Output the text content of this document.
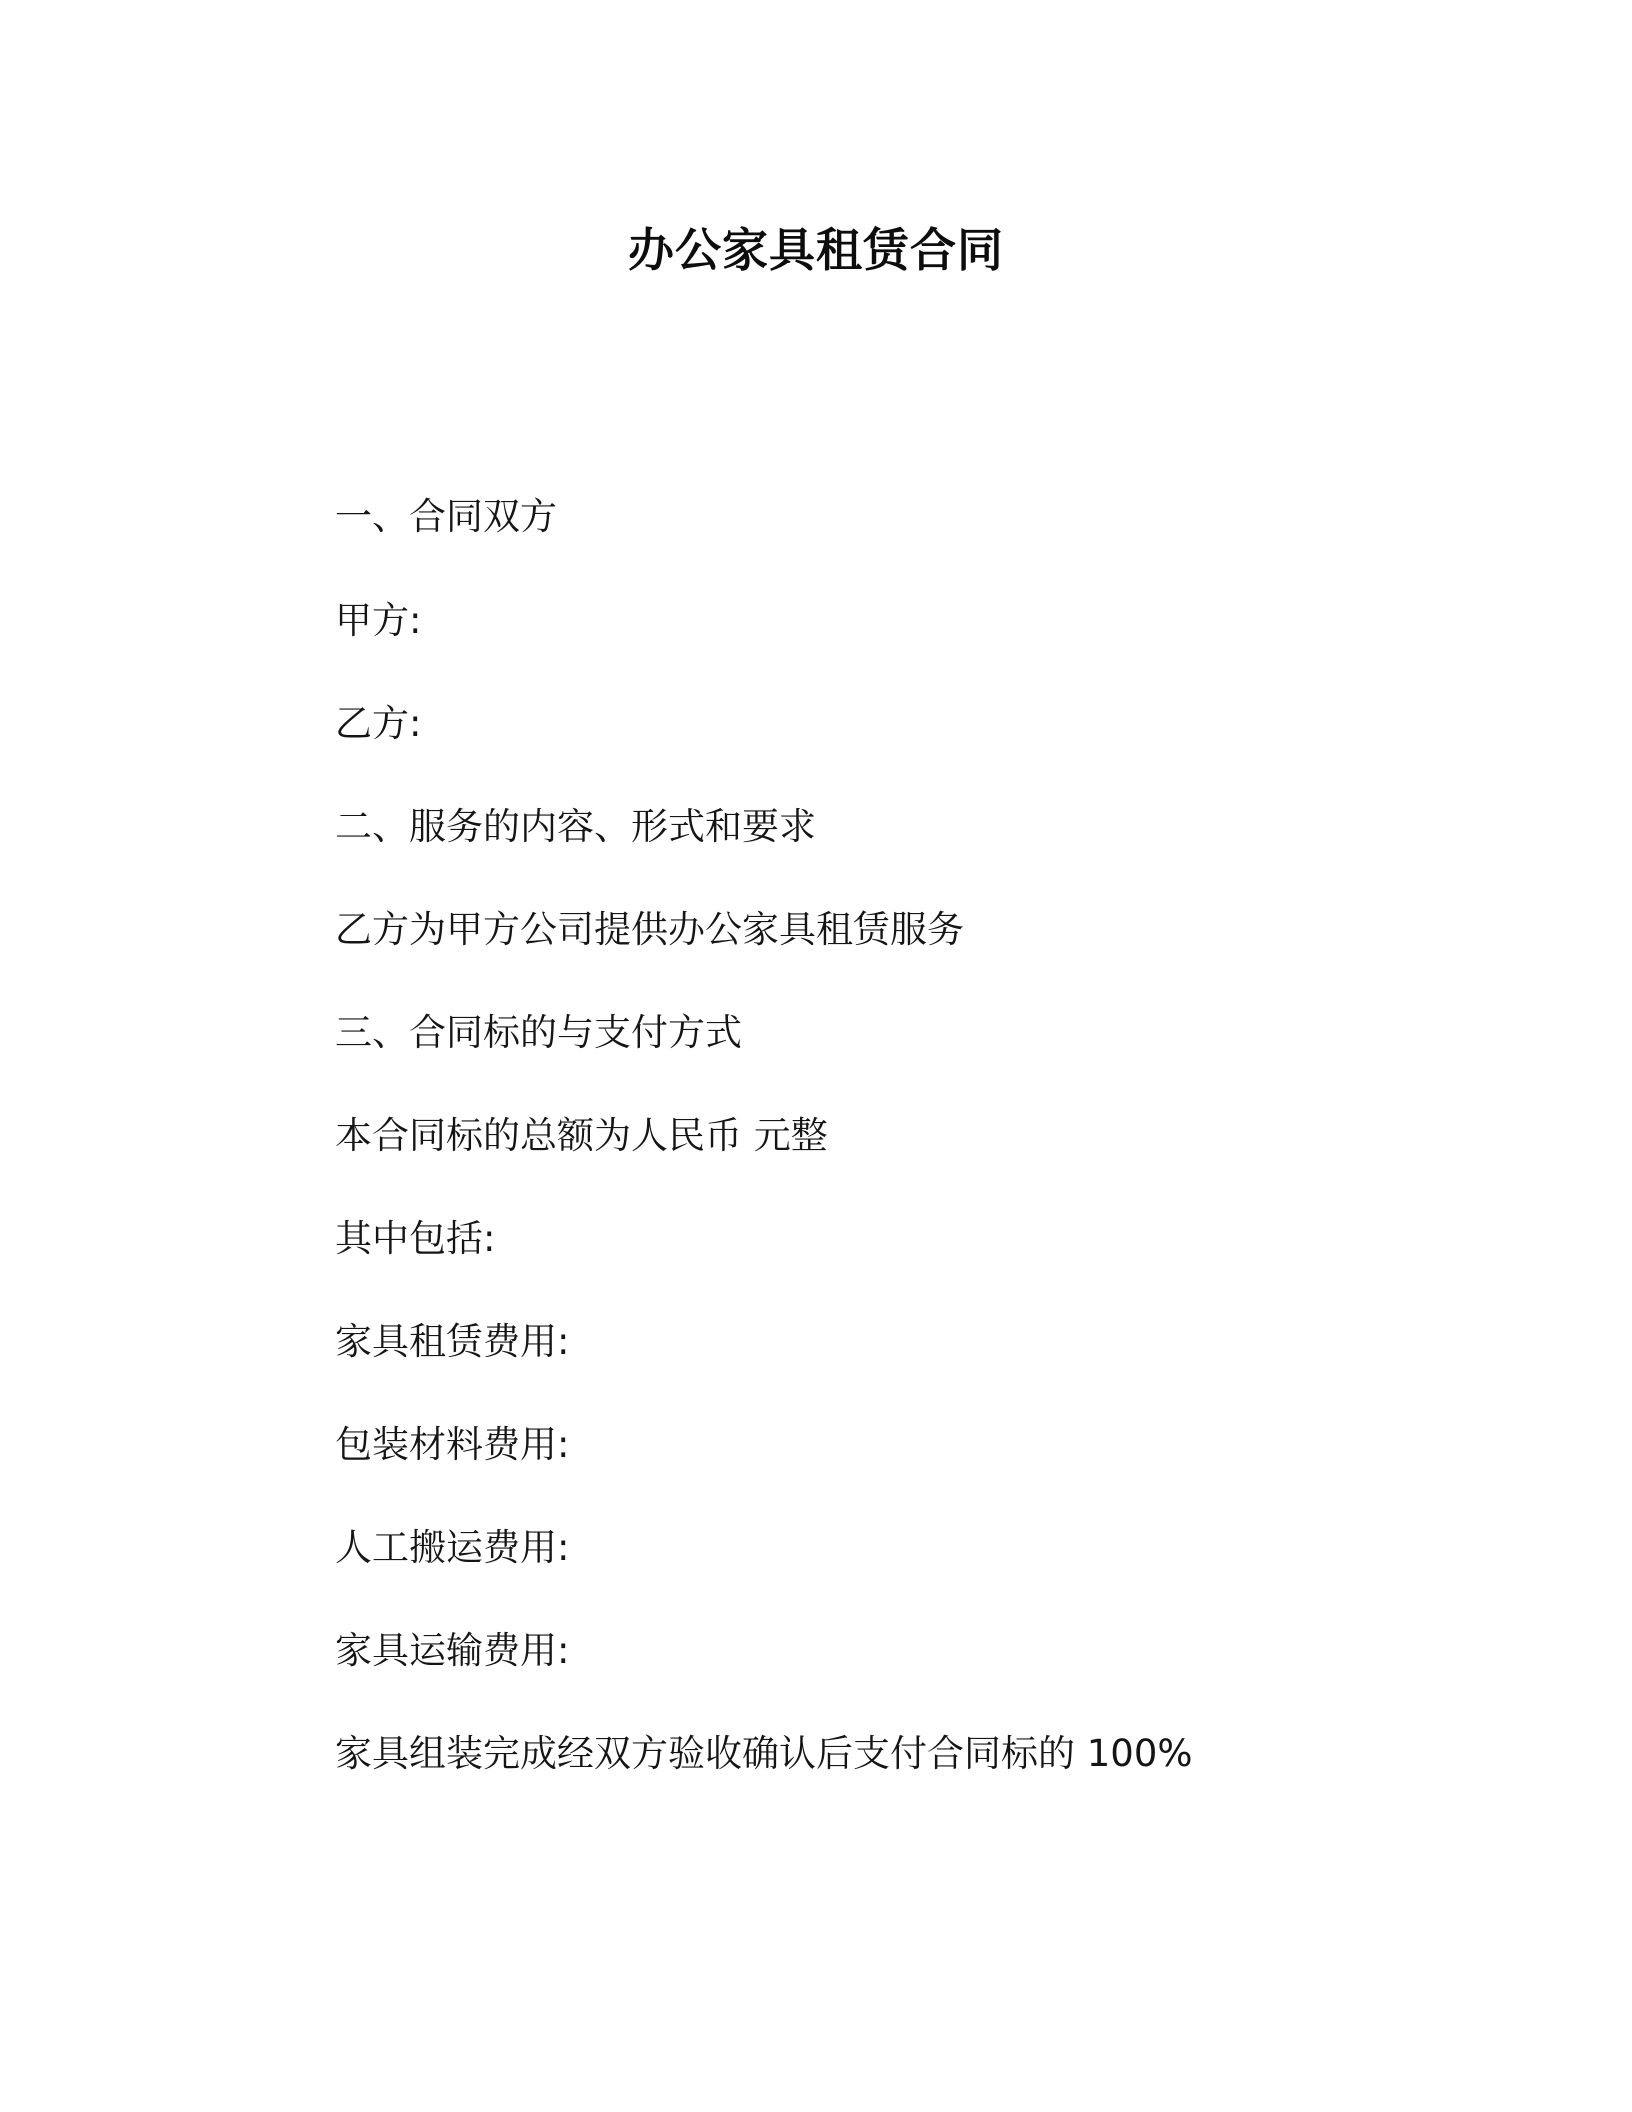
办公家具租赁合同
一、合同双方
甲方:
乙方:
二、服务的内容、形式和要求
乙方为甲方公司提供办公家具租赁服务
三、合同标的与支付方式
本合同标的总额为人民币 元整
其中包括:
家具租赁费用:
包装材料费用:
人工搬运费用:
家具运输费用:
家具组装完成经双方验收确认后支付合同标的 100%
